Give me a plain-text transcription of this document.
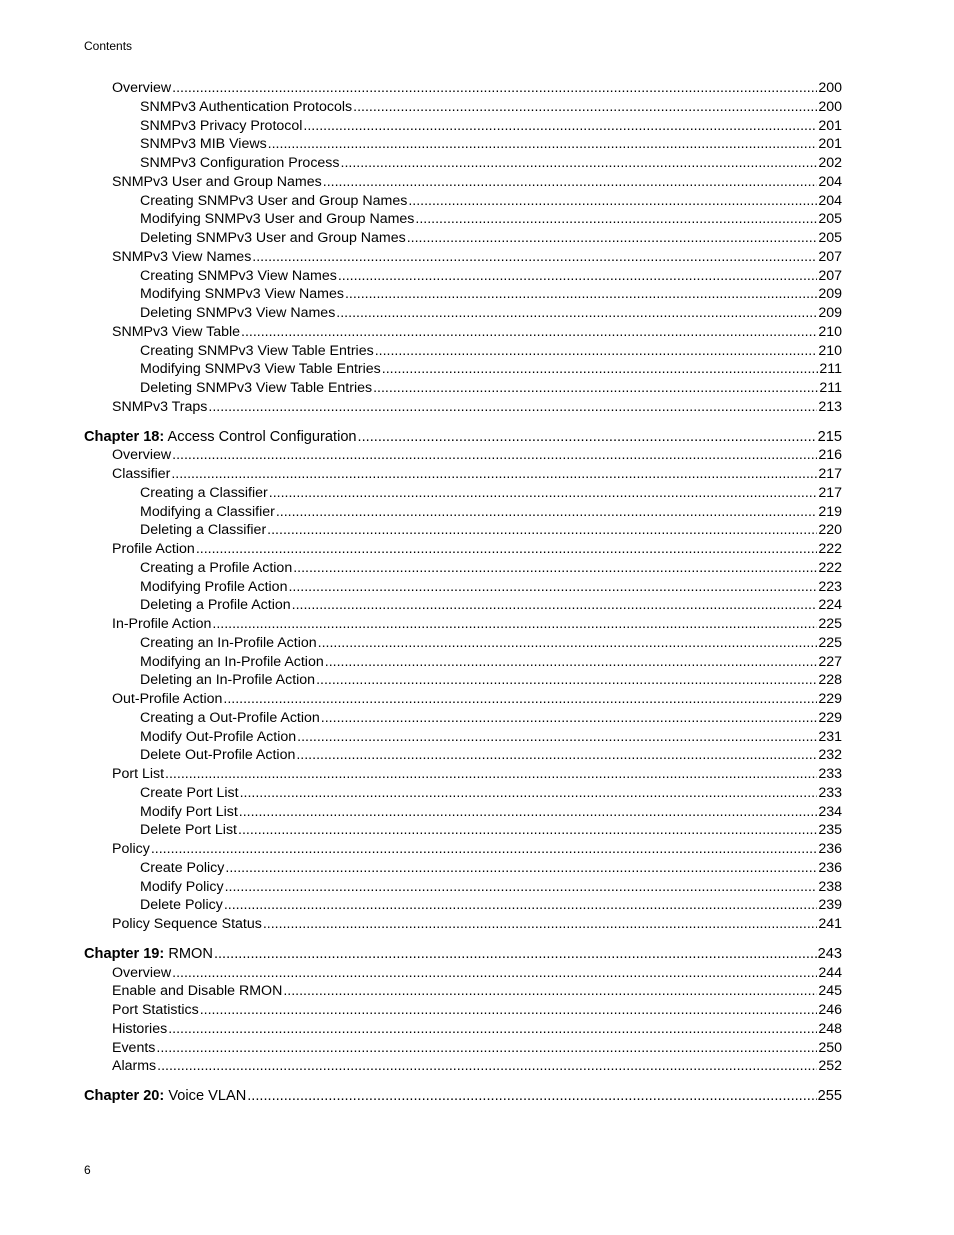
Contents
Overview .....	200
SNMPv3 Authentication Protocols .....	200
SNMPv3 Privacy Protocol .....	201
SNMPv3 MIB Views .....	201
SNMPv3 Configuration Process .....	202
SNMPv3 User and Group Names .....	204
Creating SNMPv3 User and Group Names .....	204
Modifying SNMPv3 User and Group Names .....	205
Deleting SNMPv3 User and Group Names .....	205
SNMPv3 View Names .....	207
Creating SNMPv3 View Names .....	207
Modifying SNMPv3 View Names .....	209
Deleting SNMPv3 View Names .....	209
SNMPv3 View Table .....	210
Creating SNMPv3 View Table Entries .....	210
Modifying SNMPv3 View Table Entries .....	211
Deleting SNMPv3 View Table Entries .....	211
SNMPv3 Traps .....	213
Chapter 18: Access Control Configuration .....	215
Overview .....	216
Classifier .....	217
Creating a Classifier .....	217
Modifying a Classifier .....	219
Deleting a Classifier .....	220
Profile Action .....	222
Creating a Profile Action .....	222
Modifying Profile Action .....	223
Deleting a Profile Action .....	224
In-Profile Action .....	225
Creating an In-Profile Action .....	225
Modifying an In-Profile Action .....	227
Deleting an In-Profile Action .....	228
Out-Profile Action .....	229
Creating a Out-Profile Action .....	229
Modify Out-Profile Action .....	231
Delete Out-Profile Action .....	232
Port List .....	233
Create Port List .....	233
Modify Port List .....	234
Delete Port List .....	235
Policy .....	236
Create Policy .....	236
Modify Policy .....	238
Delete Policy .....	239
Policy Sequence Status .....	241
Chapter 19: RMON .....	243
Overview .....	244
Enable and Disable RMON .....	245
Port Statistics .....	246
Histories .....	248
Events .....	250
Alarms .....	252
Chapter 20: Voice VLAN .....	255
6
